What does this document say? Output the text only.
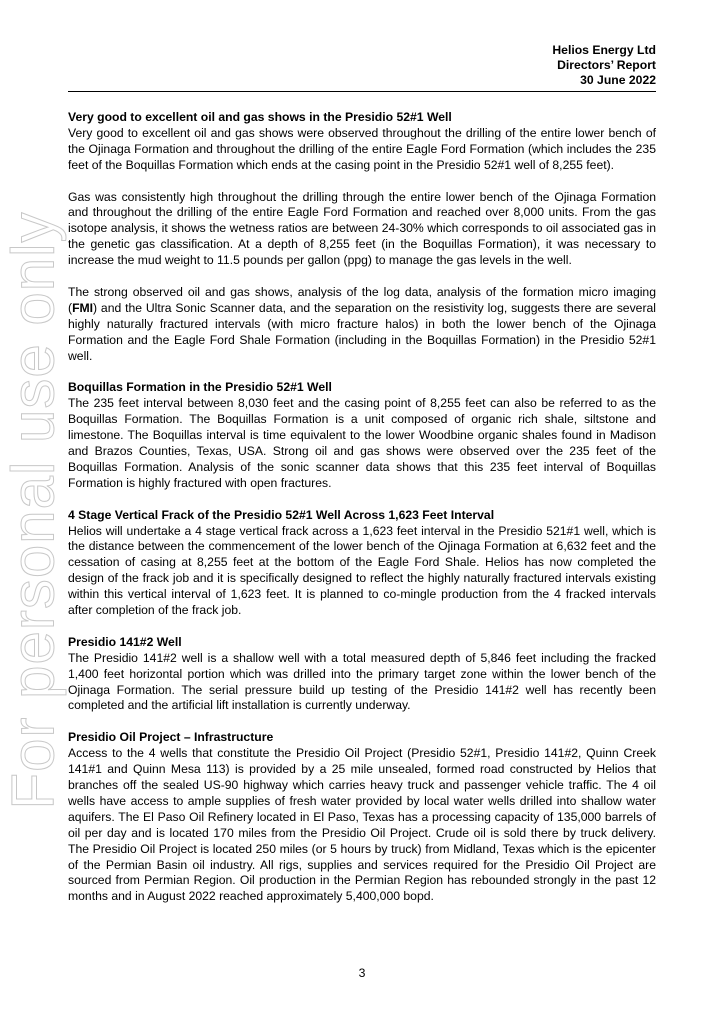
Helios Energy Ltd
Directors’ Report
30 June 2022
For personal use only

Very good to excellent oil and gas shows in the Presidio 52#1 Well

Very good to excellent oil and gas shows were observed throughout the drilling of the entire lower bench of the Ojinaga Formation and throughout the drilling of the entire Eagle Ford Formation (which includes the 235 feet of the Boquillas Formation which ends at the casing point in the Presidio 52#1 well of 8,255 feet).

Gas was consistently high throughout the drilling through the entire lower bench of the Ojinaga Formation and throughout the drilling of the entire Eagle Ford Formation and reached over 8,000 units. From the gas isotope analysis, it shows the wetness ratios are between 24-30% which corresponds to oil associated gas in the genetic gas classification. At a depth of 8,255 feet (in the Boquillas Formation), it was necessary to increase the mud weight to 11.5 pounds per gallon (ppg) to manage the gas levels in the well.

The strong observed oil and gas shows, analysis of the log data, analysis of the formation micro imaging (FMI) and the Ultra Sonic Scanner data, and the separation on the resistivity log, suggests there are several highly naturally fractured intervals (with micro fracture halos) in both the lower bench of the Ojinaga Formation and the Eagle Ford Shale Formation (including in the Boquillas Formation) in the Presidio 52#1 well.

Boquillas Formation in the Presidio 52#1 Well

The 235 feet interval between 8,030 feet and the casing point of 8,255 feet can also be referred to as the Boquillas Formation. The Boquillas Formation is a unit composed of organic rich shale, siltstone and limestone. The Boquillas interval is time equivalent to the lower Woodbine organic shales found in Madison and Brazos Counties, Texas, USA. Strong oil and gas shows were observed over the 235 feet of the Boquillas Formation. Analysis of the sonic scanner data shows that this 235 feet interval of Boquillas Formation is highly fractured with open fractures.

4 Stage Vertical Frack of the Presidio 52#1 Well Across 1,623 Feet Interval

Helios will undertake a 4 stage vertical frack across a 1,623 feet interval in the Presidio 521#1 well, which is the distance between the commencement of the lower bench of the Ojinaga Formation at 6,632 feet and the cessation of casing at 8,255 feet at the bottom of the Eagle Ford Shale. Helios has now completed the design of the frack job and it is specifically designed to reflect the highly naturally fractured intervals existing within this vertical interval of 1,623 feet. It is planned to co-mingle production from the 4 fracked intervals after completion of the frack job.

Presidio 141#2 Well

The Presidio 141#2 well is a shallow well with a total measured depth of 5,846 feet including the fracked 1,400 feet horizontal portion which was drilled into the primary target zone within the lower bench of the Ojinaga Formation. The serial pressure build up testing of the Presidio 141#2 well has recently been completed and the artificial lift installation is currently underway.

Presidio Oil Project – Infrastructure

Access to the 4 wells that constitute the Presidio Oil Project (Presidio 52#1, Presidio 141#2, Quinn Creek 141#1 and Quinn Mesa 113) is provided by a 25 mile unsealed, formed road constructed by Helios that branches off the sealed US-90 highway which carries heavy truck and passenger vehicle traffic. The 4 oil wells have access to ample supplies of fresh water provided by local water wells drilled into shallow water aquifers. The El Paso Oil Refinery located in El Paso, Texas has a processing capacity of 135,000 barrels of oil per day and is located 170 miles from the Presidio Oil Project. Crude oil is sold there by truck delivery. The Presidio Oil Project is located 250 miles (or 5 hours by truck) from Midland, Texas which is the epicenter of the Permian Basin oil industry. All rigs, supplies and services required for the Presidio Oil Project are sourced from Permian Region. Oil production in the Permian Region has rebounded strongly in the past 12 months and in August 2022 reached approximately 5,400,000 bopd.

3
